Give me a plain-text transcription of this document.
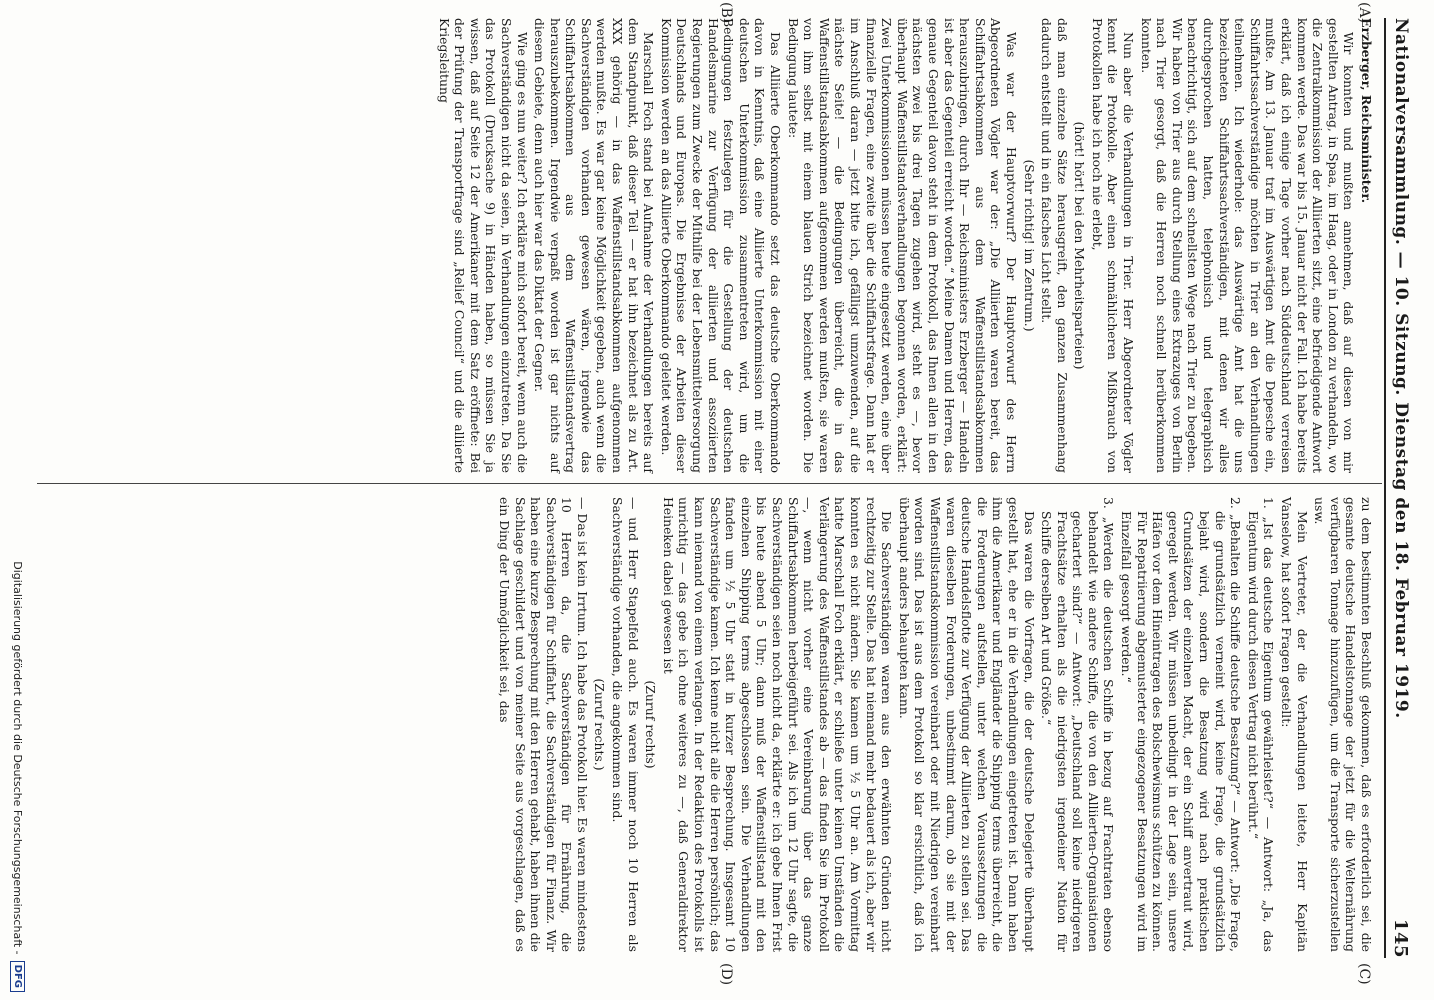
Nationalversammlung. — 10. Sitzung. Dienstag den 18. Februar 1919.
145
(A)
(B)
(C)
(D)

Erzberger, Reichsminister.

Wir konnten und mußten annehmen, daß auf diesen von mir gestellten Antrag, in Spaa, im Haag, oder in London zu verhandeln, wo die Zentralkommission der Alliierten sitzt, eine befriedigende Antwort kommen werde. Das war bis 15. Januar nicht der Fall. Ich habe bereits erklärt, daß ich einige Tage vorher nach Süddeutschland verreisen mußte. Am 13. Januar traf im Auswärtigen Amt die Depesche ein, Schiffahrtssachverständige möchten in Trier an den Verhandlungen teilnehmen. Ich wiederhole: das Auswärtige Amt hat die uns bezeichneten Schiffahrtssachverständigen, mit denen wir alles durchgesprochen hatten, telephonisch und telegraphisch benachrichtigt, sich auf dem schnellsten Wege nach Trier zu begeben. Wir haben von Trier aus durch Stellung eines Extrazuges von Berlin nach Trier gesorgt, daß die Herren noch schnell herüberkommen konnten.

Nun aber die Verhandlungen in Trier. Herr Abgeordneter Vögler kennt die Protokolle. Aber einen schmählicheren Mißbrauch von Protokollen habe ich noch nie erlebt,

(hört! hört! bei den Mehrheitsparteien)

daß man einzelne Sätze herausgreift, den ganzen Zusammenhang dadurch entstellt und in ein falsches Licht stellt.

(Sehr richtig! im Zentrum.)

Was war der Hauptvorwurf? Der Hauptvorwurf des Herrn Abgeordneten Vögler war der: „Die Alliierten waren bereit, das Schiffahrtsabkommen aus dem Waffenstillstandsabkommen herauszubringen, durch Ihr — Reichsministers Erzberger — Handeln ist aber das Gegenteil erreicht worden.“ Meine Damen und Herren, das genaue Gegenteil davon steht in dem Protokoll, das Ihnen allen in den nächsten zwei bis drei Tagen zugehen wird, steht es —, bevor überhaupt Waffenstillstandsverhandlungen begonnen worden, erklärt: Zwei Unterkommissionen müssen heute eingesetzt werden, eine über finanzielle Fragen, eine zweite über die Schiffahrtsfrage. Dann hat er im Anschluß daran — jetzt bitte ich, gefälligst umzuwenden, auf die nächste Seite! — die Bedingungen überreicht, die in das Waffenstillstandsabkommen aufgenommen werden mußten, sie waren von ihm selbst mit einem blauen Strich bezeichnet worden. Die Bedingung lautete:

Das Alliierte Oberkommando setzt das deutsche Oberkommando davon in Kenntnis, daß eine Alliierte Unterkommission mit einer deutschen Unterkommission zusammentreten wird, um die Bedingungen festzulegen für die Gestellung der deutschen Handelsmarine zur Verfügung der alliierten und assoziierten Regierungen zum Zwecke der Mithilfe bei der Lebensmittelversorgung Deutschlands und Europas. Die Ergebnisse der Arbeiten dieser Kommission werden an das Alliierte Oberkommando geleitet werden.

Marschall Foch stand bei Aufnahme der Verhandlungen bereits auf dem Standpunkt, daß dieser Teil — er hat ihn bezeichnet als zu Art. XXX gehörig — in das Waffenstillstandsabkommen aufgenommen werden mußte. Es war gar keine Möglichkeit gegeben, auch wenn die Sachverständigen vorhanden gewesen wären, irgendwie das Schiffahrtsabkommen aus dem Waffenstillstandsvertrag herauszubekommen. Irgendwie verpaßt worden ist gar nichts auf diesem Gebiete, denn auch hier war das Diktat der Gegner.

Wie ging es nun weiter? Ich erkläre mich sofort bereit, wenn auch die Sachverständigen nicht da seien, in Verhandlungen einzutreten. Da Sie das Protokoll (Drucksache 9) in Händen haben, so müssen Sie ja wissen, daß auf Seite 12 der Amerikaner mit dem Satz eröffnete: Bei der Prüfung der Transportfrage sind „Relief Council“ und die alliierte Kriegsleitung

zu dem bestimmten Beschluß gekommen, daß es erforderlich sei, die gesamte deutsche Handelstonnage der jetzt für die Welternährung verfügbaren Tonnage hinzuzufügen, um die Transporte sicherzustellen usw.

Mein Vertreter, der die Verhandlungen leitete, Herr Kapitän Vanselow, hat sofort Fragen gestellt:

1. „Ist das deutsche Eigentum gewährleistet?“ — Antwort: „Ja, das Eigentum wird durch diesen Vertrag nicht berührt.“

2. „Behalten die Schiffe deutsche Besatzung?“ — Antwort: „Die Frage, die grundsätzlich verneint wird, keine Frage, die grundsätzlich bejaht wird, sondern die Besatzung wird nach praktischen Grundsätzen der einzelnen Macht, der ein Schiff anvertraut wird, geregelt werden. Wir müssen unbedingt in der Lage sein, unsere Häfen vor dem Hineintragen des Bolschewismus schützen zu können. Für Repatriierung abgemusterter eingezogener Besatzungen wird im Einzelfall gesorgt werden.“

3. „Werden die deutschen Schiffe in bezug auf Frachtraten ebenso behandelt wie andere Schiffe, die von den Alliierten-Organisationen gechartert sind?“ — Antwort: „Deutschland soll keine niedrigeren Frachtsätze erhalten als die niedrigsten irgendeiner Nation für Schiffe derselben Art und Größe.“

Das waren die Vorfragen, die der deutsche Delegierte überhaupt gestellt hat, ehe er in die Verhandlungen eingetreten ist. Dann haben ihm die Amerikaner und Engländer die Shipping terms überreicht, die die Forderungen aufstellen, unter welchen Voraussetzungen die deutsche Handelsflotte zur Verfügung der Alliierten zu stellen sei. Das waren dieselben Forderungen, unbestimmt darum, ob sie mit der Waffenstillstandskommission vereinbart oder mit Niedrigen vereinbart worden sind. Das ist aus dem Protokoll so klar ersichtlich, daß ich überhaupt anders behaupten kann.

Die Sachverständigen waren aus den erwähnten Gründen nicht rechtzeitig zur Stelle. Das hat niemand mehr bedauert als ich, aber wir konnten es nicht ändern. Sie kamen um ½ 5 Uhr an. Am Vormittag hatte Marschall Foch erklärt, er schließe unter keinen Umständen die Verlängerung des Waffenstillstandes ab — das finden Sie im Protokoll —, wenn nicht vorher eine Vereinbarung über das ganze Schiffahrtsabkommen herbeigeführt sei. Als ich um 12 Uhr sagte, die Sachverständigen seien noch nicht da, erklärte er: ich gebe Ihnen Frist bis heute abend 5 Uhr; dann muß der Waffenstillstand mit den einzelnen Shipping terms abgeschlossen sein. Die Verhandlungen fanden um ½ 5 Uhr statt in kurzer Besprechung. Insgesamt 10 Sachverständige kamen. Ich kenne nicht alle die Herren persönlich; das kann niemand von einem verlangen. In der Redaktion des Protokolls ist unrichtig — das gebe ich ohne weiteres zu —, daß Generaldirektor Heineken dabei gewesen ist

(Zuruf rechts)

— und Herr Stapelfeld auch. Es waren immer noch 10 Herren als Sachverständige vorhanden, die angekommen sind.

(Zuruf rechts.)

— Das ist kein Irrtum. Ich habe das Protokoll hier. Es waren mindestens 10 Herren da, die Sachverständigen für Ernährung, die Sachverständigen für Schiffahrt, die Sachverständigen für Finanz. Wir haben eine kurze Besprechung mit den Herren gehabt, haben ihnen die Sachlage geschildert und von meiner Seite aus vorgeschlagen, daß es ein Ding der Unmöglichkeit sei, das

Digitalisierung gefördert durch die Deutsche Forschungsgemeinschaft -
DFG
